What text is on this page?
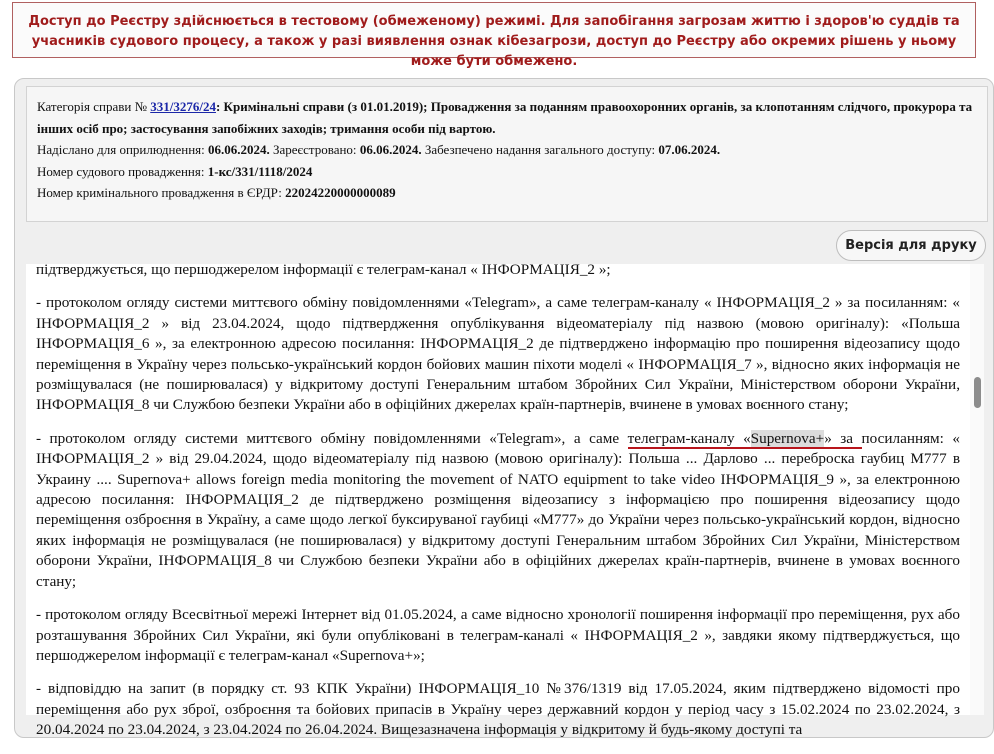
Доступ до Реєстру здійснюється в тестовому (обмеженому) режимі. Для запобігання загрозам життю і здоров'ю суддів та учасників судового процесу, а також у разі виявлення ознак кібезагрози, доступ до Реєстру або окремих рішень у ньому може бути обмежено.

Категорія справи № 331/3276/24: Кримінальні справи (з 01.01.2019); Провадження за поданням правоохоронних органів, за клопотанням слідчого, прокурора та інших осіб про; застосування запобіжних заходів; тримання особи під вартою.

Надіслано для оприлюднення: 06.06.2024. Зареєстровано: 06.06.2024. Забезпечено надання загального доступу: 07.06.2024.

Номер судового провадження: 1-кс/331/1118/2024

Номер кримінального провадження в ЄРДР: 22024220000000089

Версія для друку

підтверджується, що першоджерелом інформації є телеграм-канал « ІНФОРМАЦІЯ_2 »;

- протоколом огляду системи миттєвого обміну повідомленнями «Telegram», а саме телеграм-каналу « ІНФОРМАЦІЯ_2 » за посиланням: « ІНФОРМАЦІЯ_2 » від 23.04.2024, щодо підтвердження опублікування відеоматеріалу під назвою (мовою оригіналу): «Польша ІНФОРМАЦІЯ_6 », за електронною адресою посилання: ІНФОРМАЦІЯ_2 де підтверджено інформацію про поширення відеозапису щодо переміщення в Україну через польсько-український кордон бойових машин піхоти моделі « ІНФОРМАЦІЯ_7 », відносно яких інформація не розміщувалася (не поширювалася) у відкритому доступі Генеральним штабом Збройних Сил України, Міністерством оборони України, ІНФОРМАЦІЯ_8 чи Службою безпеки України або в офіційних джерелах країн-партнерів, вчинене в умовах воєнного стану;

- протоколом огляду системи миттєвого обміну повідомленнями «Telegram», а саме телеграм-каналу «Supernova+» за посиланням: « ІНФОРМАЦІЯ_2 » від 29.04.2024, щодо відеоматеріалу під назвою (мовою оригіналу): Польша ... Дарлово ... переброска гаубиц М777 в Украину .... Supernova+ allows foreign media monitoring the movement of NATO equipment to take video ІНФОРМАЦІЯ_9 », за електронною адресою посилання: ІНФОРМАЦІЯ_2 де підтверджено розміщення відеозапису з інформацією про поширення відеозапису щодо переміщення озброєння в Україну, а саме щодо легкої буксируваної гаубиці «М777» до України через польсько-український кордон, відносно яких інформація не розміщувалася (не поширювалася) у відкритому доступі Генеральним штабом Збройних Сил України, Міністерством оборони України, ІНФОРМАЦІЯ_8 чи Службою безпеки України або в офіційних джерелах країн-партнерів, вчинене в умовах воєнного стану;

- протоколом огляду Всесвітньої мережі Інтернет від 01.05.2024, а саме відносно хронології поширення інформації про переміщення, рух або розташування Збройних Сил України, які були опубліковані в телеграм-каналі « ІНФОРМАЦІЯ_2 », завдяки якому підтверджується, що першоджерелом інформації є телеграм-канал «Supernova+»;

- відповіддю на запит (в порядку ст. 93 КПК України) ІНФОРМАЦІЯ_10 №376/1319 від 17.05.2024, яким підтверджено відомості про переміщення або рух зброї, озброєння та бойових припасів в Україну через державний кордон у період часу з 15.02.2024 по 23.02.2024, з 20.04.2024 по 23.04.2024, з 23.04.2024 по 26.04.2024. Вищезазначена інформація у відкритому й будь-якому доступі та
